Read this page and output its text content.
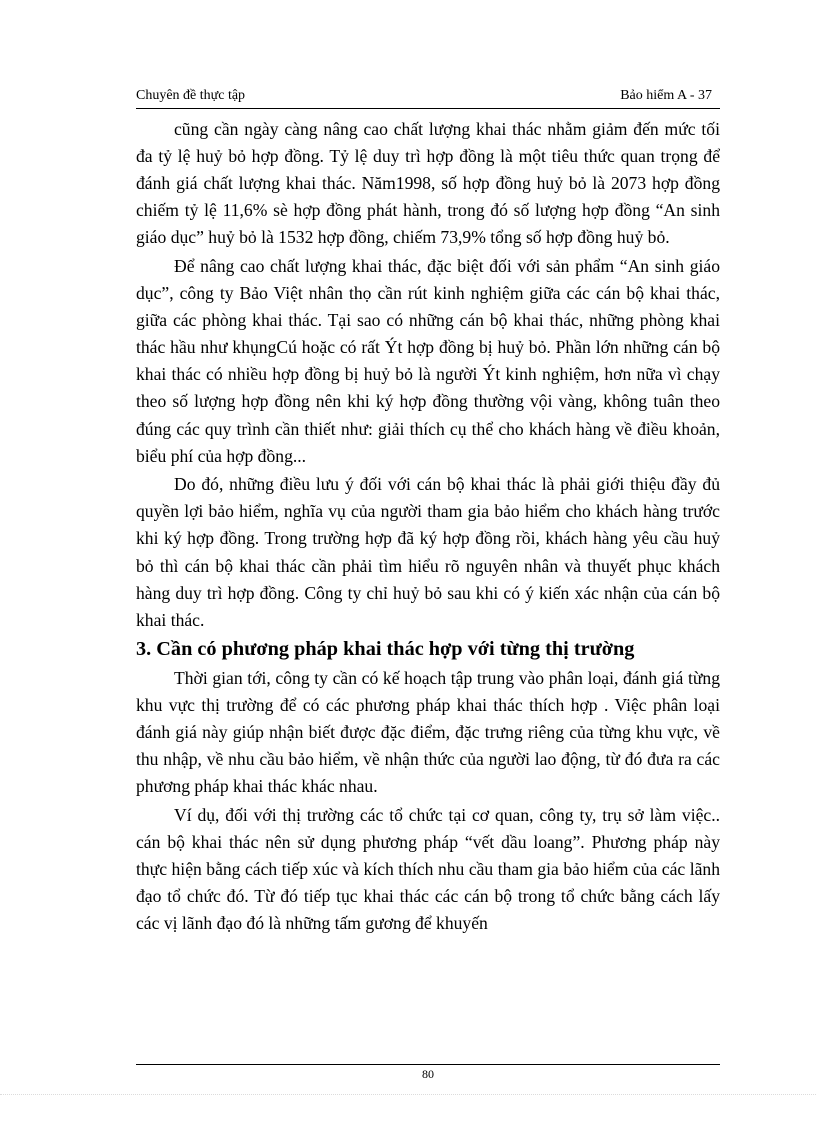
Chuyên đề thực tập	Bảo hiểm A - 37

cũng cần ngày càng nâng cao chất lượng khai thác nhằm giảm đến mức tối đa tỷ lệ huỷ bỏ hợp đồng. Tỷ lệ duy trì hợp đồng là một tiêu thức quan trọng để đánh giá chất lượng khai thác. Năm1998, số hợp đồng huỷ bỏ là 2073 hợp đồng chiếm tỷ lệ 11,6% sè hợp đồng phát hành, trong đó số lượng hợp đồng “An sinh giáo dục” huỷ bỏ là 1532 hợp đồng, chiếm 73,9% tổng số hợp đồng huỷ bỏ.

Để nâng cao chất lượng khai thác, đặc biệt đối với sản phẩm “An sinh giáo dục”, công ty Bảo Việt nhân thọ cần rút kinh nghiệm giữa các cán bộ khai thác, giữa các phòng khai thác. Tại sao có những cán bộ khai thác, những phòng khai thác hầu như khụngCú hoặc có rất Ýt hợp đồng bị huỷ bỏ. Phần lớn những cán bộ khai thác có nhiều hợp đồng bị huỷ bỏ là người Ýt kinh nghiệm, hơn nữa vì chạy theo số lượng hợp đồng nên khi ký hợp đồng thường vội vàng, không tuân theo đúng các quy trình cần thiết như: giải thích cụ thể cho khách hàng về điều khoản, biểu phí của hợp đồng...

Do đó, những điều lưu ý đối với cán bộ khai thác là phải giới thiệu đầy đủ quyền lợi bảo hiểm, nghĩa vụ của người tham gia bảo hiểm cho khách hàng trước khi ký hợp đồng. Trong trường hợp đã ký hợp đồng rồi, khách hàng yêu cầu huỷ bỏ thì cán bộ khai thác cần phải tìm hiểu rõ nguyên nhân và thuyết phục khách hàng duy trì hợp đồng. Công ty chỉ huỷ bỏ sau khi có ý kiến xác nhận của cán bộ khai thác.

3. Cần có phương pháp khai thác hợp với từng thị trường

Thời gian tới, công ty cần có kế hoạch tập trung vào phân loại, đánh giá từng khu vực thị trường để có các phương pháp khai thác thích hợp . Việc phân loại đánh giá này giúp nhận biết được đặc điểm, đặc trưng riêng của từng khu vực, về thu nhập, về nhu cầu bảo hiểm, về nhận thức của người lao động, từ đó đưa ra các phương pháp khai thác khác nhau.

Ví dụ, đối với thị trường các tổ chức tại cơ quan, công ty, trụ sở làm việc.. cán bộ khai thác nên sử dụng phương pháp “vết dầu loang”. Phương pháp này thực hiện bằng cách tiếp xúc và kích thích nhu cầu tham gia bảo hiểm của các lãnh đạo tổ chức đó. Từ đó tiếp tục khai thác các cán bộ trong tổ chức bằng cách lấy các vị lãnh đạo đó là những tấm gương để khuyến

80
